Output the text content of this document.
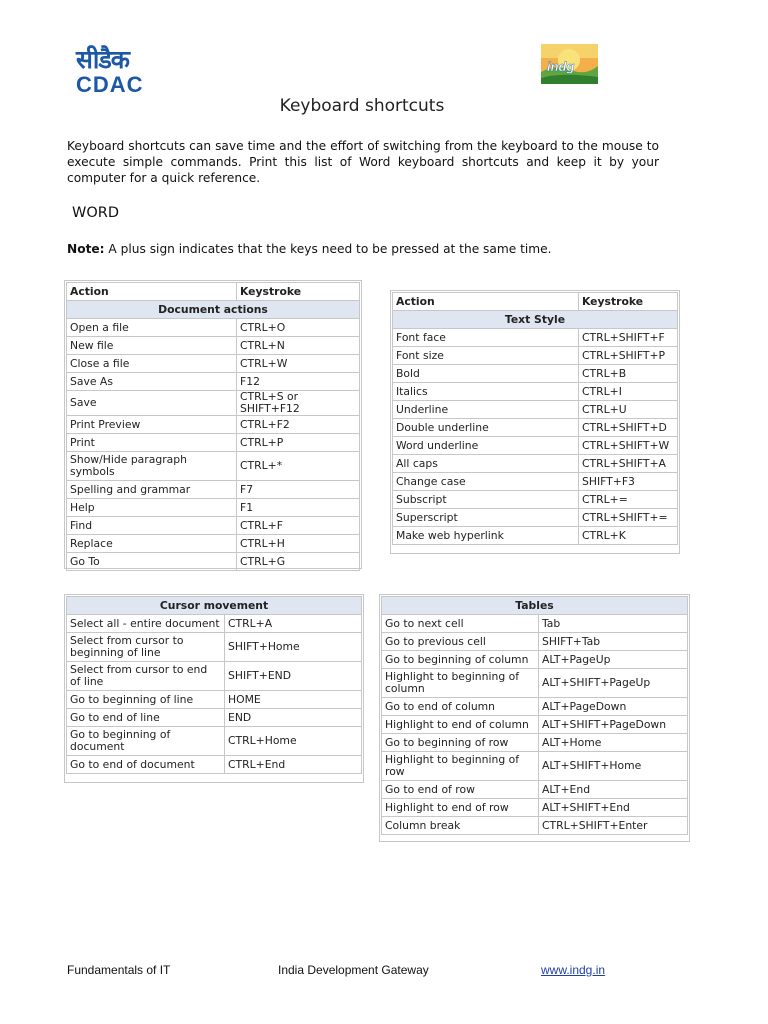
सीडैक
CDAC
indg
Keyboard shortcuts
Keyboard shortcuts can save time and the effort of switching from the keyboard to the mouse to execute simple commands. Print this list of Word keyboard shortcuts and keep it by your computer for a quick reference.
WORD
Note: A plus sign indicates that the keys need to be pressed at the same time.
Action	Keystroke
Document actions	
Open a file	CTRL+O
New file	CTRL+N
Close a file	CTRL+W
Save As	F12
Save	CTRL+S or SHIFT+F12
Print Preview	CTRL+F2
Print	CTRL+P
Show/Hide paragraph symbols	CTRL+*
Spelling and grammar	F7
Help	F1
Find	CTRL+F
Replace	CTRL+H
Go To	CTRL+G
Action	Keystroke
Text Style	
Font face	CTRL+SHIFT+F
Font size	CTRL+SHIFT+P
Bold	CTRL+B
Italics	CTRL+I
Underline	CTRL+U
Double underline	CTRL+SHIFT+D
Word underline	CTRL+SHIFT+W
All caps	CTRL+SHIFT+A
Change case	SHIFT+F3
Subscript	CTRL+=
Superscript	CTRL+SHIFT+=
Make web hyperlink	CTRL+K
Cursor movement	
Select all - entire document	CTRL+A
Select from cursor to beginning of line	SHIFT+Home
Select from cursor to end of line	SHIFT+END
Go to beginning of line	HOME
Go to end of line	END
Go to beginning of document	CTRL+Home
Go to end of document	CTRL+End
Tables	
Go to next cell	Tab
Go to previous cell	SHIFT+Tab
Go to beginning of column	ALT+PageUp
Highlight to beginning of column	ALT+SHIFT+PageUp
Go to end of column	ALT+PageDown
Highlight to end of column	ALT+SHIFT+PageDown
Go to beginning of row	ALT+Home
Highlight to beginning of row	ALT+SHIFT+Home
Go to end of row	ALT+End
Highlight to end of row	ALT+SHIFT+End
Column break	CTRL+SHIFT+Enter
Fundamentals of IT	India Development Gateway	www.indg.in
